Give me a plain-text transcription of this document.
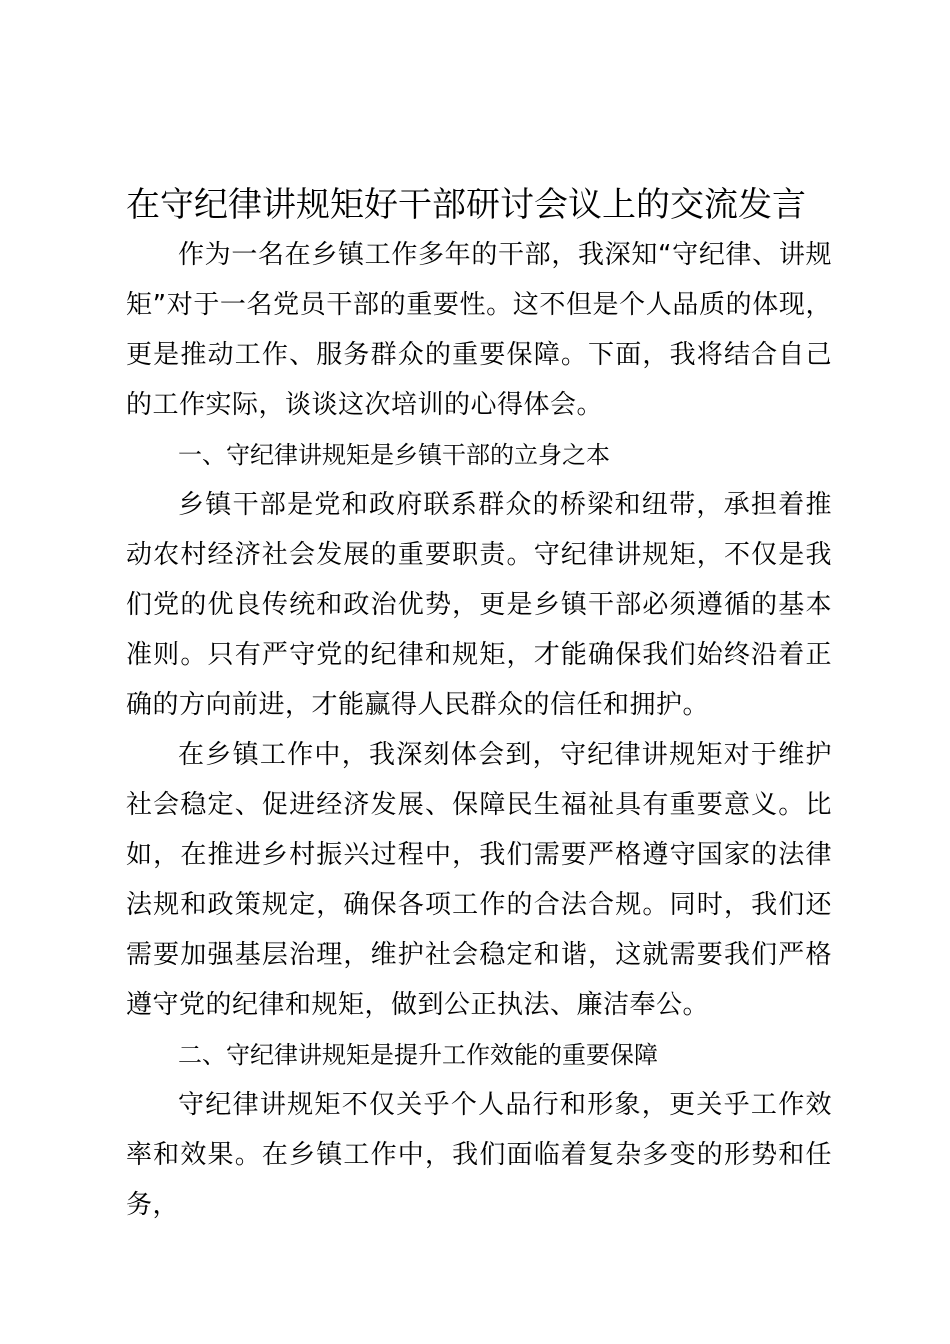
在守纪律讲规矩好干部研讨会议上的交流发言

作为一名在乡镇工作多年的干部，我深知“守纪律、讲规矩”对于一名党员干部的重要性。这不但是个人品质的体现，更是推动工作、服务群众的重要保障。下面，我将结合自己的工作实际，谈谈这次培训的心得体会。

一、守纪律讲规矩是乡镇干部的立身之本

乡镇干部是党和政府联系群众的桥梁和纽带，承担着推动农村经济社会发展的重要职责。守纪律讲规矩，不仅是我们党的优良传统和政治优势，更是乡镇干部必须遵循的基本准则。只有严守党的纪律和规矩，才能确保我们始终沿着正确的方向前进，才能赢得人民群众的信任和拥护。

在乡镇工作中，我深刻体会到，守纪律讲规矩对于维护社会稳定、促进经济发展、保障民生福祉具有重要意义。比如，在推进乡村振兴过程中，我们需要严格遵守国家的法律法规和政策规定，确保各项工作的合法合规。同时，我们还需要加强基层治理，维护社会稳定和谐，这就需要我们严格遵守党的纪律和规矩，做到公正执法、廉洁奉公。

二、守纪律讲规矩是提升工作效能的重要保障

守纪律讲规矩不仅关乎个人品行和形象，更关乎工作效率和效果。在乡镇工作中，我们面临着复杂多变的形势和任务，
